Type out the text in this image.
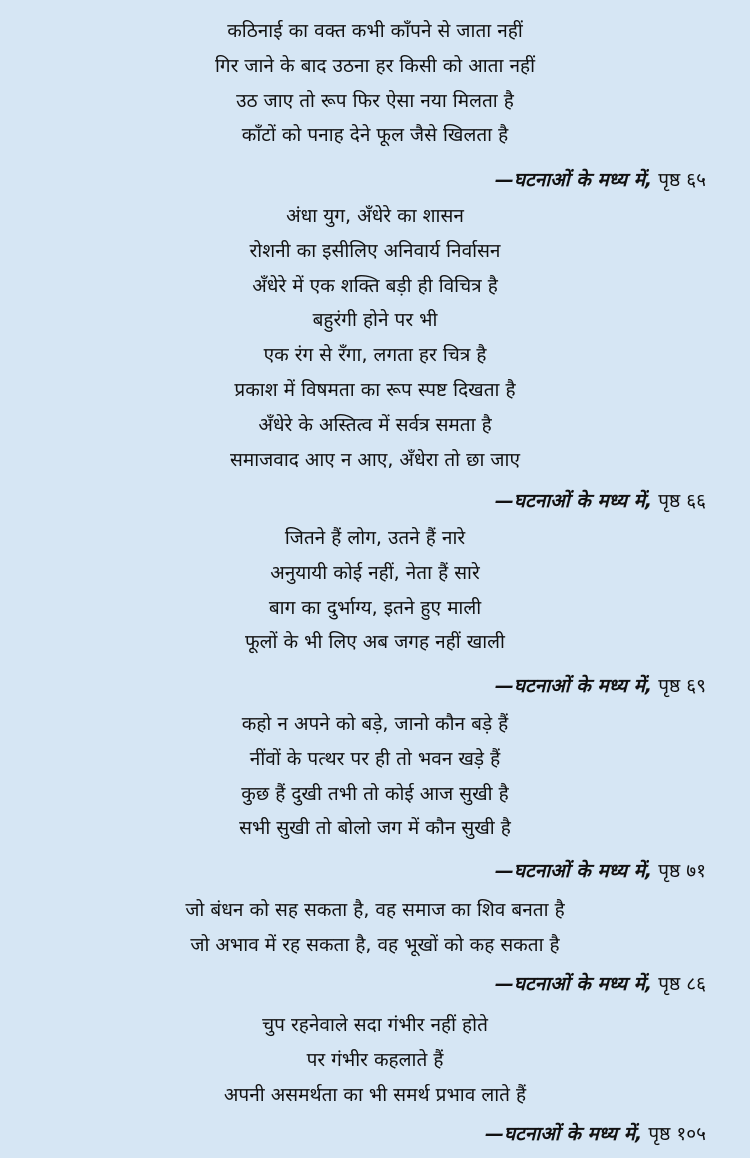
कठिनाई का वक्त कभी काँपने से जाता नहीं
गिर जाने के बाद उठना हर किसी को आता नहीं
उठ जाए तो रूप फिर ऐसा नया मिलता है
काँटों को पनाह देने फूल जैसे खिलता है
—घटनाओं के मध्य में, पृष्ठ ६५
अंधा युग, अँधेरे का शासन
रोशनी का इसीलिए अनिवार्य निर्वासन
अँधेरे में एक शक्ति बड़ी ही विचित्र है
बहुरंगी होने पर भी
एक रंग से रँगा, लगता हर चित्र है
प्रकाश में विषमता का रूप स्पष्ट दिखता है
अँधेरे के अस्तित्व में सर्वत्र समता है
समाजवाद आए न आए, अँधेरा तो छा जाए
—घटनाओं के मध्य में, पृष्ठ ६६
जितने हैं लोग, उतने हैं नारे
अनुयायी कोई नहीं, नेता हैं सारे
बाग का दुर्भाग्य, इतने हुए माली
फूलों के भी लिए अब जगह नहीं खाली
—घटनाओं के मध्य में, पृष्ठ ६९
कहो न अपने को बड़े, जानो कौन बड़े हैं
नींवों के पत्थर पर ही तो भवन खड़े हैं
कुछ हैं दुखी तभी तो कोई आज सुखी है
सभी सुखी तो बोलो जग में कौन सुखी है
—घटनाओं के मध्य में, पृष्ठ ७१
जो बंधन को सह सकता है, वह समाज का शिव बनता है
जो अभाव में रह सकता है, वह भूखों को कह सकता है
—घटनाओं के मध्य में, पृष्ठ ८६
चुप रहनेवाले सदा गंभीर नहीं होते
पर गंभीर कहलाते हैं
अपनी असमर्थता का भी समर्थ प्रभाव लाते हैं
—घटनाओं के मध्य में, पृष्ठ १०५
